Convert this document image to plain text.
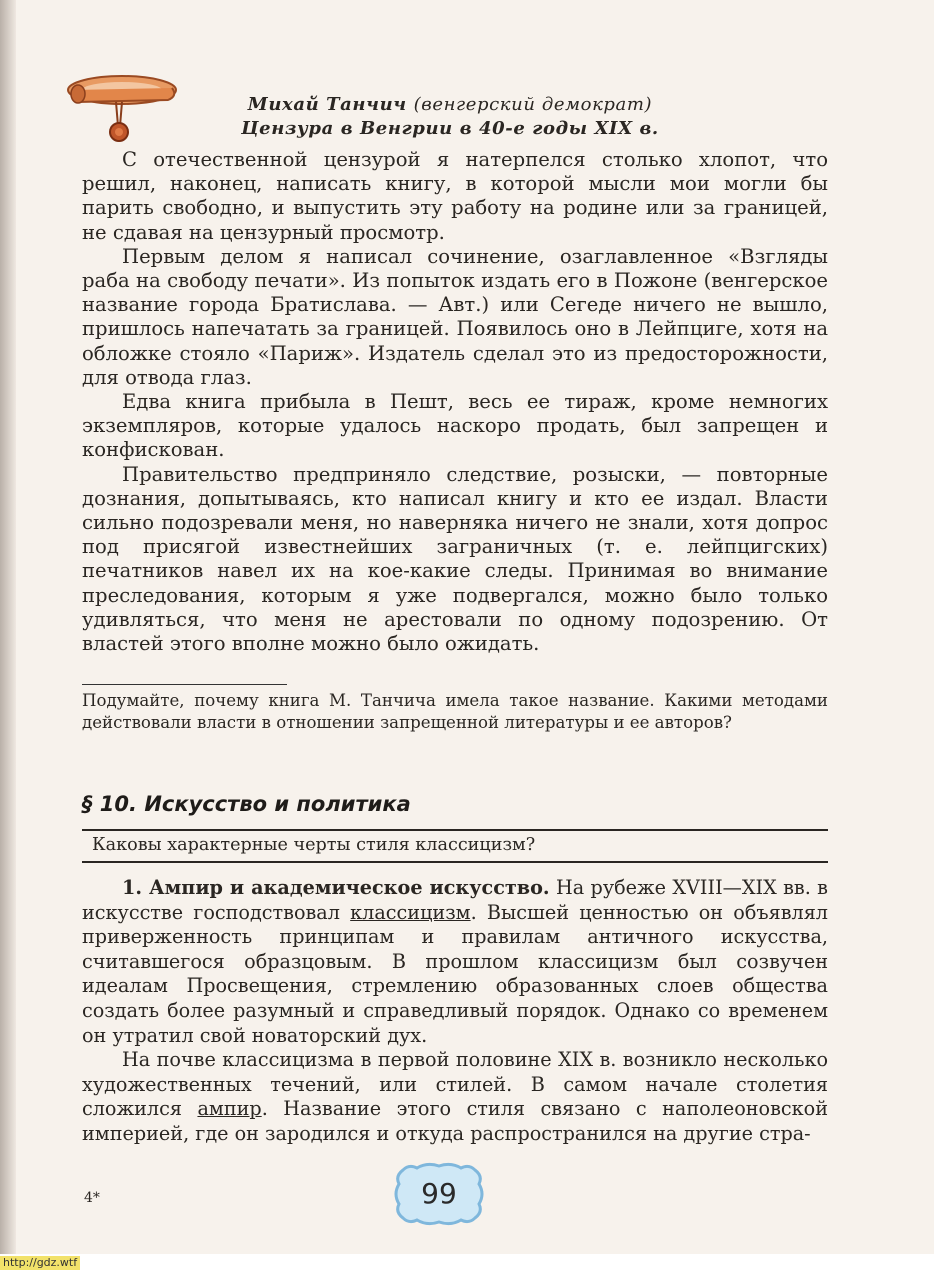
Михай Танчич (венгерский демократ)
Цензура в Венгрии в 40-е годы XIX в.

С отечественной цензурой я натерпелся столько хлопот, что решил, наконец, написать книгу, в которой мысли мои могли бы парить свободно, и выпустить эту работу на родине или за границей, не сдавая на цензурный просмотр.

Первым делом я написал сочинение, озаглавленное «Взгляды раба на свободу печати». Из попыток издать его в Пожоне (венгерское название города Братислава. — Авт.) или Сегеде ничего не вышло, пришлось напечатать за границей. Появилось оно в Лейпциге, хотя на обложке стояло «Париж». Издатель сделал это из предосторожности, для отвода глаз.

Едва книга прибыла в Пешт, весь ее тираж, кроме немногих экземпляров, которые удалось наскоро продать, был запрещен и конфискован.

Правительство предприняло следствие, розыски, — повторные дознания, допытываясь, кто написал книгу и кто ее издал. Власти сильно подозревали меня, но наверняка ничего не знали, хотя допрос под присягой известнейших заграничных (т. е. лейпцигских) печатников навел их на кое-какие следы. Принимая во внимание преследования, которым я уже подвергался, можно было только удивляться, что меня не арестовали по одному подозрению. От властей этого вполне можно было ожидать.

Подумайте, почему книга М. Танчича имела такое название. Какими методами действовали власти в отношении запрещенной литературы и ее авторов?

§ 10. Искусство и политика
Каковы характерные черты стиля классицизм?

1. Ампир и академическое искусство. На рубеже XVIII—XIX вв. в искусстве господствовал классицизм. Высшей ценностью он объявлял приверженность принципам и правилам античного искусства, считавшегося образцовым. В прошлом классицизм был созвучен идеалам Просвещения, стремлению образованных слоев общества создать более разумный и справедливый порядок. Однако со временем он утратил свой новаторский дух.

На почве классицизма в первой половине XIX в. возникло несколько художественных течений, или стилей. В самом начале столетия сложился ампир. Название этого стиля связано с наполеоновской империей, где он зародился и откуда распространился на другие стра-

4*	99
http://gdz.wtf
